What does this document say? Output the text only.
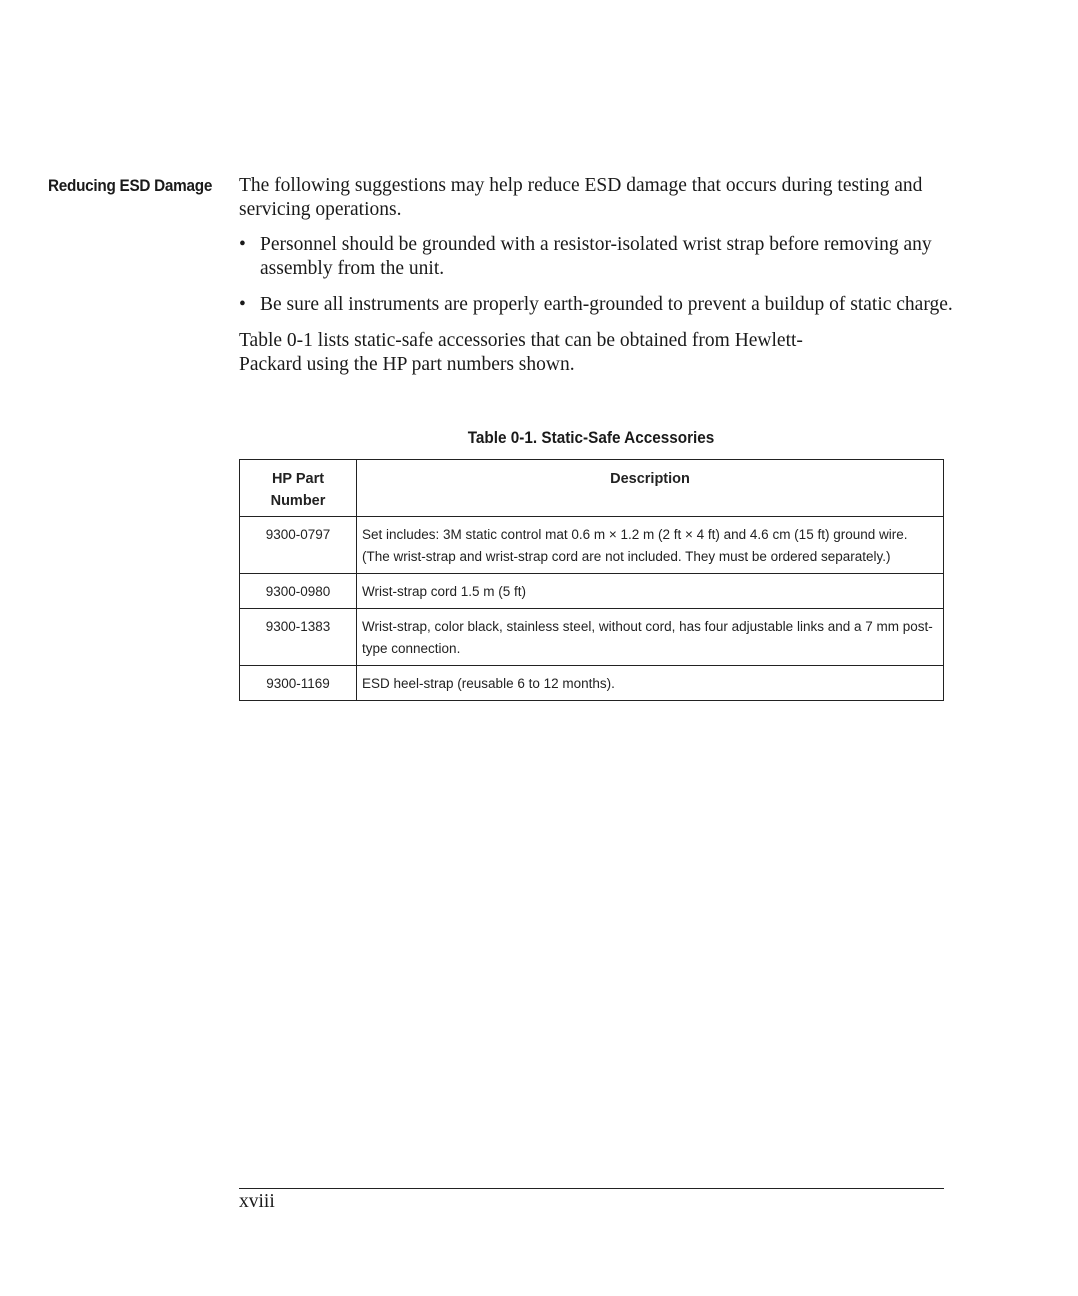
Reducing ESD Damage The following suggestions may help reduce ESD damage that occurs during testing and servicing operations.

• Personnel should be grounded with a resistor-isolated wrist strap before removing any assembly from the unit.
• Be sure all instruments are properly earth-grounded to prevent a buildup of static charge.

Table 0-1 lists static-safe accessories that can be obtained from Hewlett-Packard using the HP part numbers shown.

Table 0-1. Static-Safe Accessories
HP Part Number	Description
9300-0797	Set includes: 3M static control mat 0.6 m × 1.2 m (2 ft × 4 ft) and 4.6 cm (15 ft) ground wire. (The wrist-strap and wrist-strap cord are not included. They must be ordered separately.)
9300-0980	Wrist-strap cord 1.5 m (5 ft)
9300-1383	Wrist-strap, color black, stainless steel, without cord, has four adjustable links and a 7 mm post-type connection.
9300-1169	ESD heel-strap (reusable 6 to 12 months).
xviii
